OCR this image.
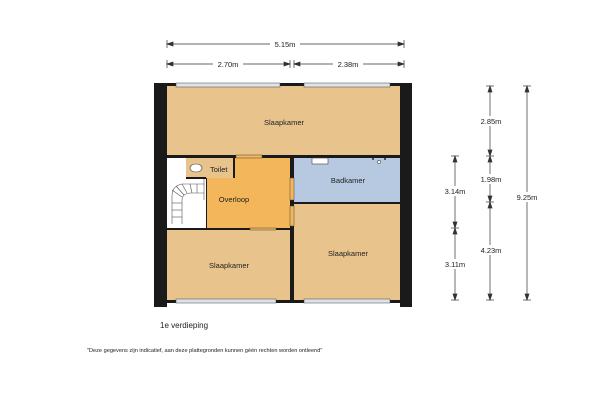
Slaapkamer
Toilet
Badkamer
Overloop
Slaapkamer
Slaapkamer
5.15m
2.70m	2.38m
2.85m
1.98m
4.23m
9.25m
3.14m
3.11m
1e verdieping
"Deze gegevens zijn indicatief, aan deze plattegronden kunnen géén rechten worden ontleend"
